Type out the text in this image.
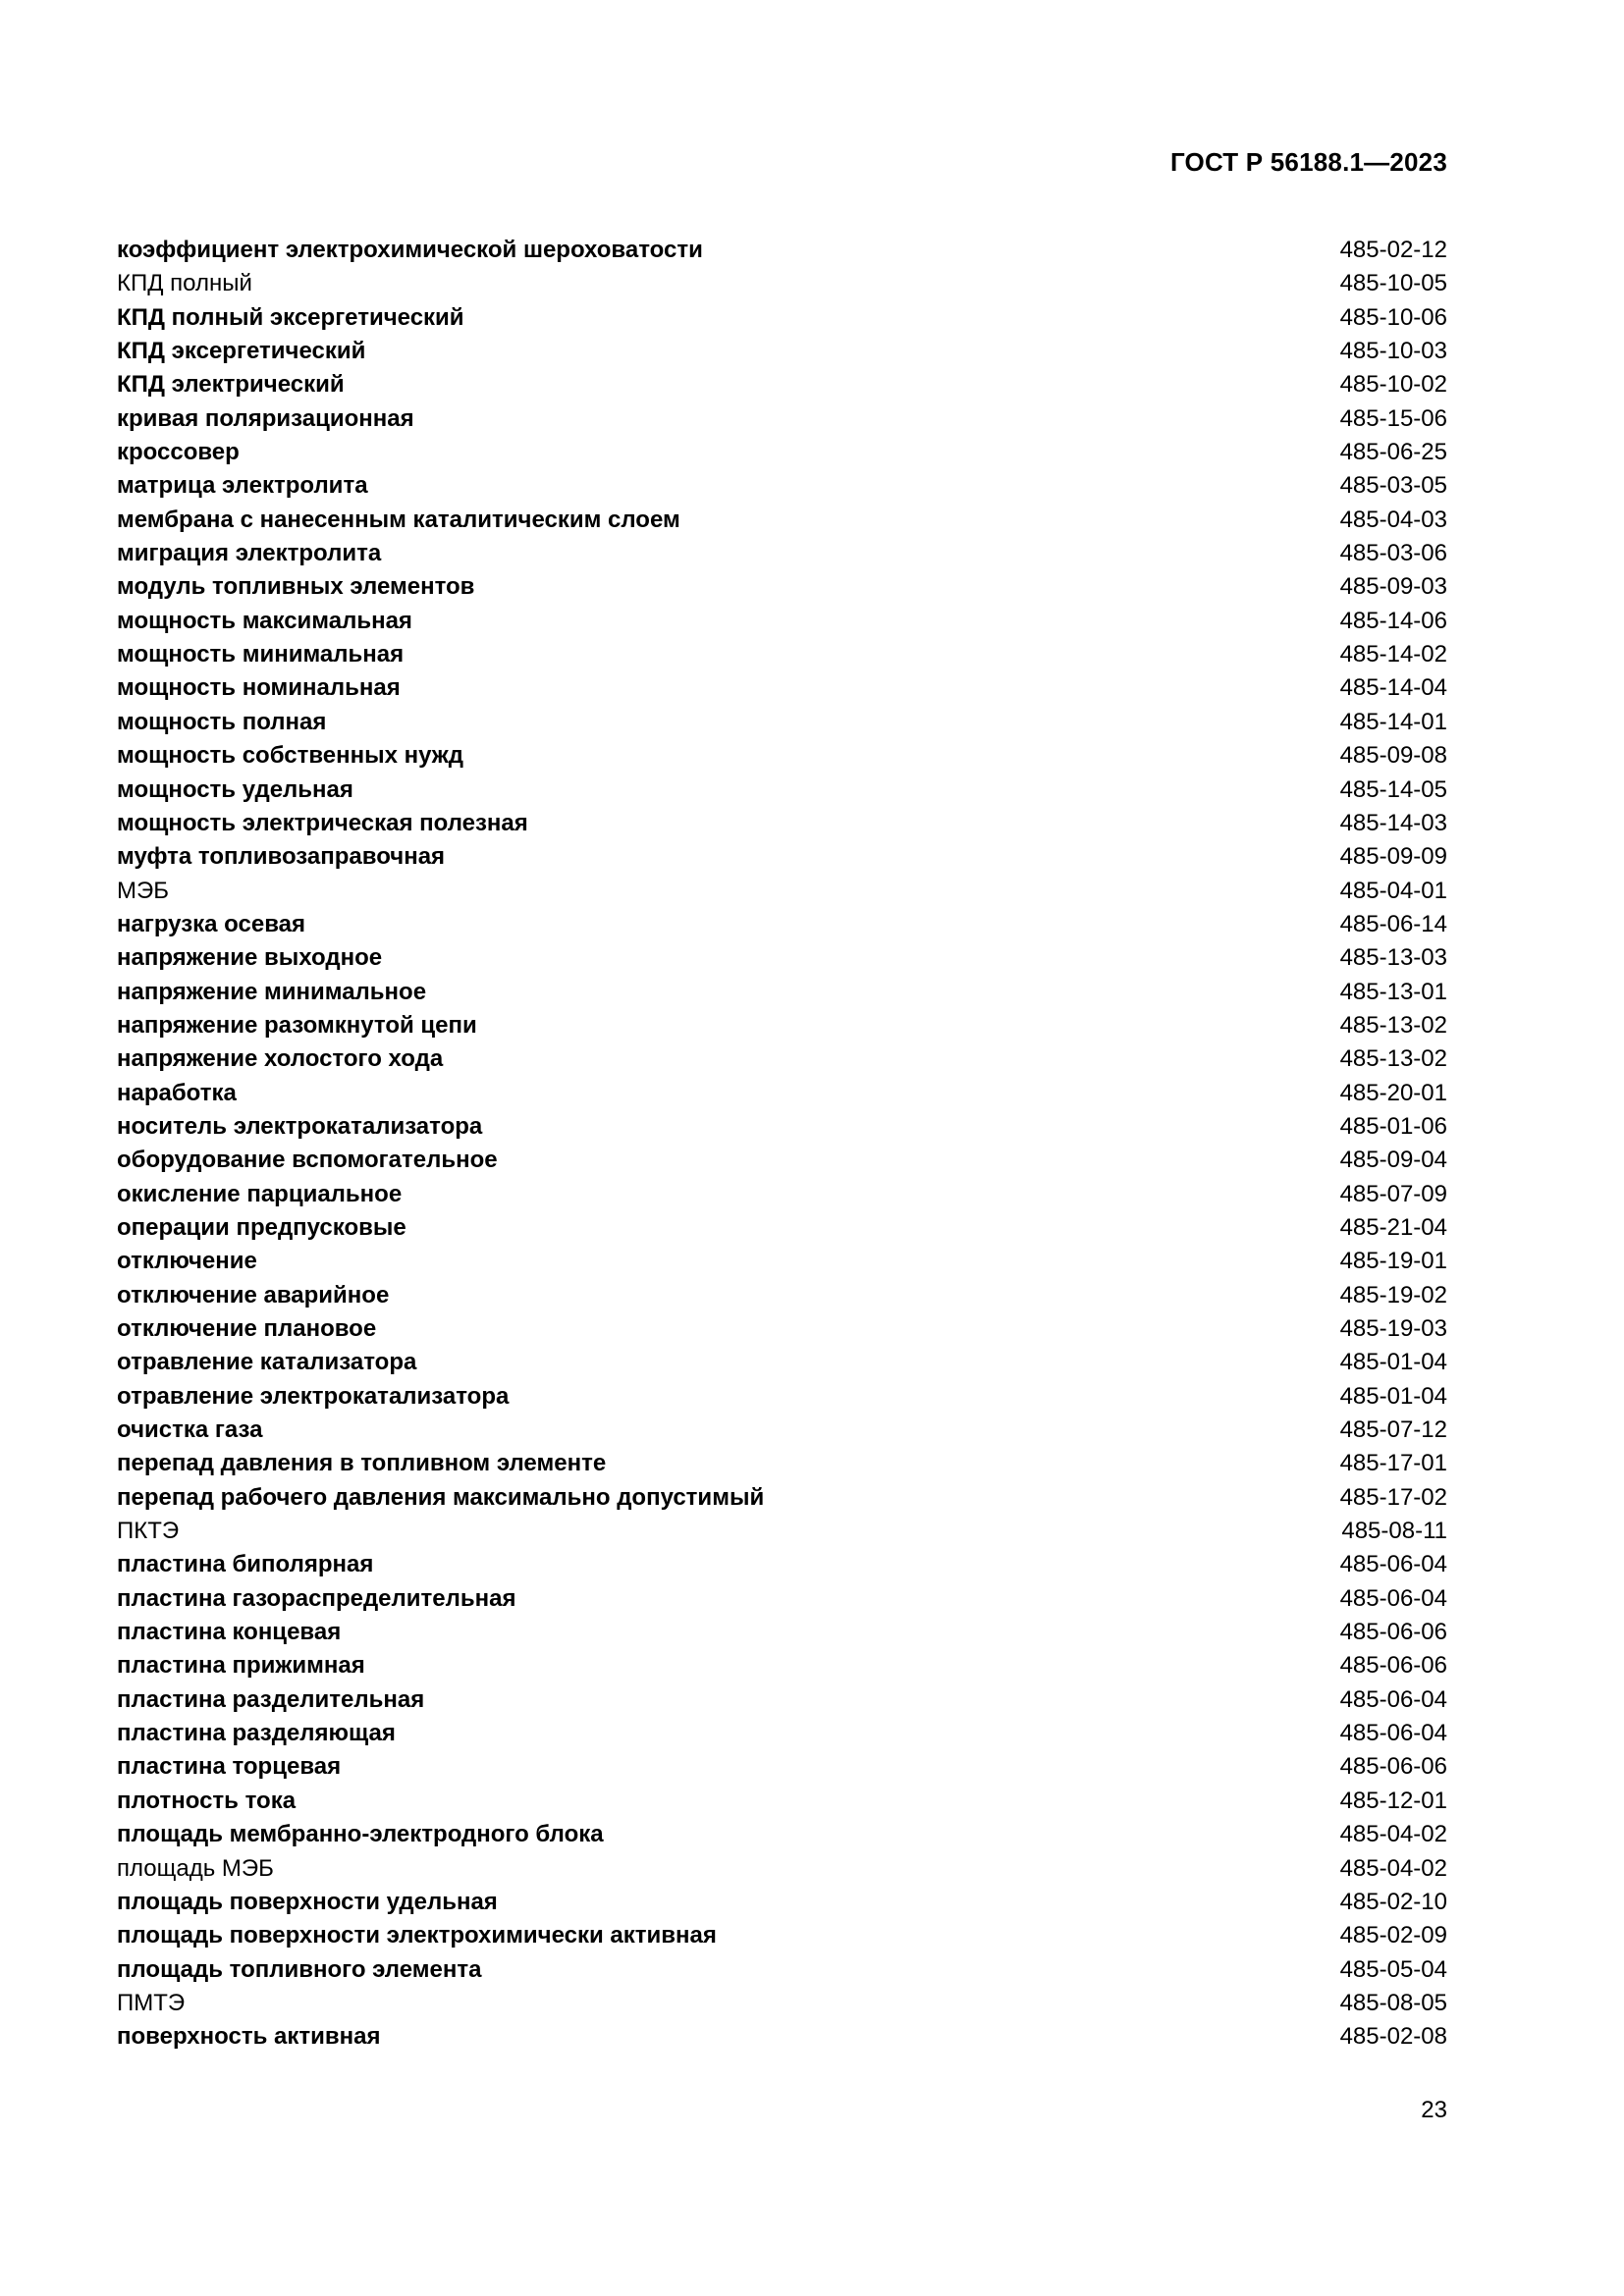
ГОСТ Р 56188.1—2023
коэффициент электрохимической шероховатости	485-02-12
КПД полный	485-10-05
КПД полный эксергетический	485-10-06
КПД эксергетический	485-10-03
КПД электрический	485-10-02
кривая поляризационная	485-15-06
кроссовер	485-06-25
матрица электролита	485-03-05
мембрана с нанесенным каталитическим слоем	485-04-03
миграция электролита	485-03-06
модуль топливных элементов	485-09-03
мощность максимальная	485-14-06
мощность минимальная	485-14-02
мощность номинальная	485-14-04
мощность полная	485-14-01
мощность собственных нужд	485-09-08
мощность удельная	485-14-05
мощность электрическая полезная	485-14-03
муфта топливозаправочная	485-09-09
МЭБ	485-04-01
нагрузка осевая	485-06-14
напряжение выходное	485-13-03
напряжение минимальное	485-13-01
напряжение разомкнутой цепи	485-13-02
напряжение холостого хода	485-13-02
наработка	485-20-01
носитель электрокатализатора	485-01-06
оборудование вспомогательное	485-09-04
окисление парциальное	485-07-09
операции предпусковые	485-21-04
отключение	485-19-01
отключение аварийное	485-19-02
отключение плановое	485-19-03
отравление катализатора	485-01-04
отравление электрокатализатора	485-01-04
очистка газа	485-07-12
перепад давления в топливном элементе	485-17-01
перепад рабочего давления максимально допустимый	485-17-02
ПКТЭ	485-08-11
пластина биполярная	485-06-04
пластина газораспределительная	485-06-04
пластина концевая	485-06-06
пластина прижимная	485-06-06
пластина разделительная	485-06-04
пластина разделяющая	485-06-04
пластина торцевая	485-06-06
плотность тока	485-12-01
площадь мембранно-электродного блока	485-04-02
площадь МЭБ	485-04-02
площадь поверхности удельная	485-02-10
площадь поверхности электрохимически активная	485-02-09
площадь топливного элемента	485-05-04
ПМТЭ	485-08-05
поверхность активная	485-02-08
23
